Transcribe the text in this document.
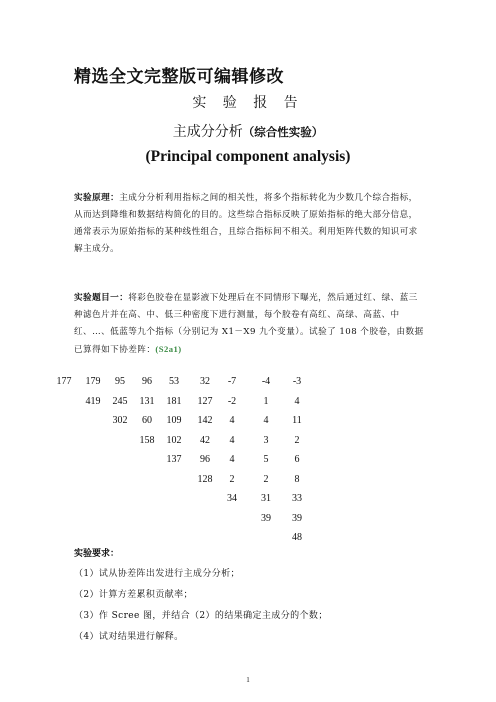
精选全文完整版可编辑修改
实 验 报 告
主成分分析（综合性实验）
(Principal component analysis)
实验原理：主成分分析利用指标之间的相关性，将多个指标转化为少数几个综合指标，从而达到降维和数据结构简化的目的。这些综合指标反映了原始指标的绝大部分信息，通常表示为原始指标的某种线性组合，且综合指标间不相关。利用矩阵代数的知识可求解主成分。
实验题目一：将彩色胶卷在显影液下处理后在不同情形下曝光，然后通过红、绿、蓝三种滤色片并在高、中、低三种密度下进行测量，每个胶卷有高红、高绿、高蓝、中红、…、低蓝等九个指标（分别记为 X1－X9 九个变量）。试验了 108 个胶卷，由数据已算得如下协差阵：(S2a1)
177	179	95	96	53	32	-7	-4	-3
419	245	131	181	127	-2	1	4
302	60	109	142	4	4	11
158	102	42	4	3	2
137	96	4	5	6
128	2	2	8
34	31	33
39	39
48
实验要求：
（1）试从协差阵出发进行主成分分析；
（2）计算方差累积贡献率；
（3）作 Scree 图，并结合（2）的结果确定主成分的个数；
（4）试对结果进行解释。
1
